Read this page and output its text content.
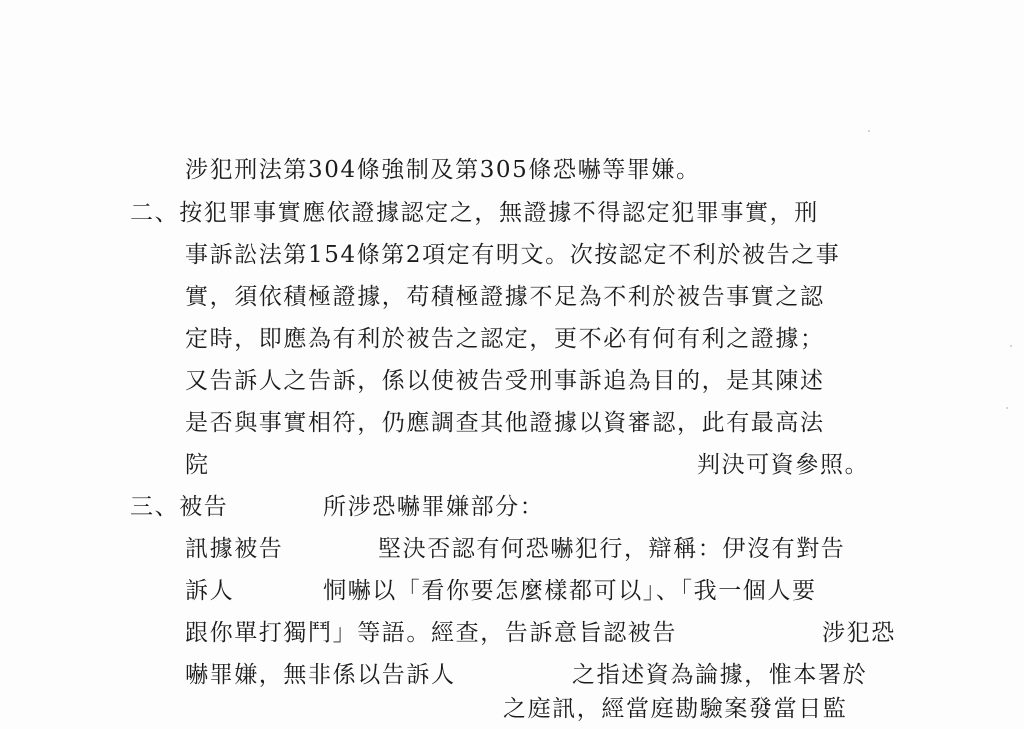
涉犯刑法第304條強制及第305條恐嚇等罪嫌。
二、按犯罪事實應依證據認定之，無證據不得認定犯罪事實，刑
事訴訟法第154條第2項定有明文。次按認定不利於被告之事
實，須依積極證據，苟積極證據不足為不利於被告事實之認
定時，即應為有利於被告之認定，更不必有何有利之證據；
又告訴人之告訴，係以使被告受刑事訴追為目的，是其陳述
是否與事實相符，仍應調查其他證據以資審認，此有最高法
院	判決可資參照。
三、被告	所涉恐嚇罪嫌部分：
訊據被告	堅決否認有何恐嚇犯行，辯稱：伊沒有對告
訴人	恫嚇以「看你要怎麼樣都可以」、「我一個人要
跟你單打獨鬥」等語。經查，告訴意旨認被告	涉犯恐
嚇罪嫌，無非係以告訴人	之指述資為論據，惟本署於
之庭訊，經當庭勘驗案發當日監
